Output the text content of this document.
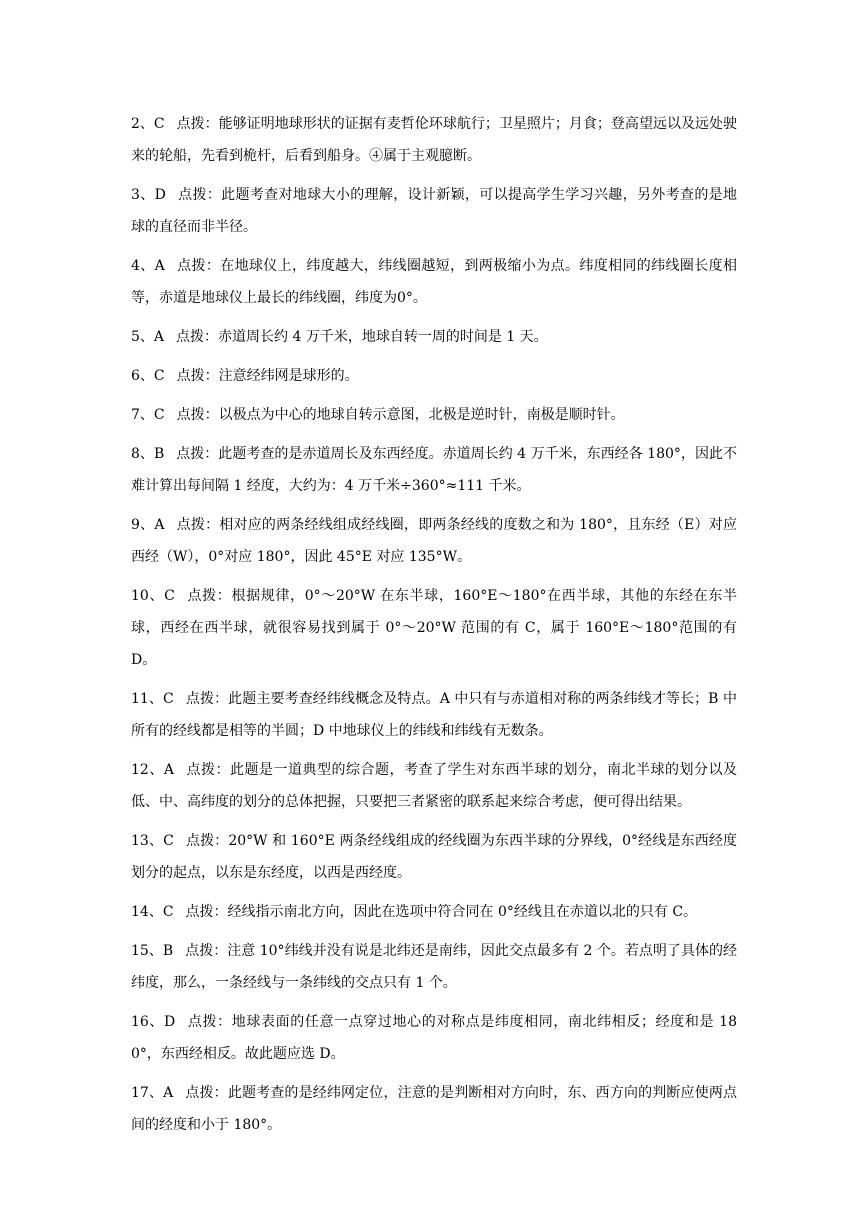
2、C 点拨：能够证明地球形状的证据有麦哲伦环球航行；卫星照片；月食；登高望远以及远处驶来的轮船，先看到桅杆，后看到船身。④属于主观臆断。

3、D 点拨：此题考查对地球大小的理解，设计新颖，可以提高学生学习兴趣，另外考查的是地球的直径而非半径。

4、A 点拨：在地球仪上，纬度越大，纬线圈越短，到两极缩小为点。纬度相同的纬线圈长度相等，赤道是地球仪上最长的纬线圈，纬度为0°。

5、A 点拨：赤道周长约 4 万千米，地球自转一周的时间是 1 天。

6、C 点拨：注意经纬网是球形的。

7、C 点拨：以极点为中心的地球自转示意图，北极是逆时针，南极是顺时针。

8、B 点拨：此题考查的是赤道周长及东西经度。赤道周长约 4 万千米，东西经各 180°，因此不难计算出每间隔 1 经度，大约为：4 万千米÷360°≈111 千米。

9、A 点拨：相对应的两条经线组成经线圈，即两条经线的度数之和为 180°，且东经（E）对应西经（W），0°对应 180°，因此 45°E 对应 135°W。

10、C 点拨：根据规律，0°～20°W 在东半球，160°E～180°在西半球，其他的东经在东半球，西经在西半球，就很容易找到属于 0°～20°W 范围的有 C，属于 160°E～180°范围的有 D。

11、C 点拨：此题主要考查经纬线概念及特点。A 中只有与赤道相对称的两条纬线才等长；B 中所有的经线都是相等的半圆；D 中地球仪上的纬线和纬线有无数条。

12、A 点拨：此题是一道典型的综合题，考查了学生对东西半球的划分，南北半球的划分以及低、中、高纬度的划分的总体把握，只要把三者紧密的联系起来综合考虑，便可得出结果。

13、C 点拨：20°W 和 160°E 两条经线组成的经线圈为东西半球的分界线，0°经线是东西经度划分的起点，以东是东经度，以西是西经度。

14、C 点拨：经线指示南北方向，因此在选项中符合同在 0°经线且在赤道以北的只有 C。

15、B 点拨：注意 10°纬线并没有说是北纬还是南纬，因此交点最多有 2 个。若点明了具体的经纬度，那么，一条经线与一条纬线的交点只有 1 个。

16、D 点拨：地球表面的任意一点穿过地心的对称点是纬度相同，南北纬相反；经度和是 180°，东西经相反。故此题应选 D。

17、A 点拨：此题考查的是经纬网定位，注意的是判断相对方向时，东、西方向的判断应使两点间的经度和小于 180°。
